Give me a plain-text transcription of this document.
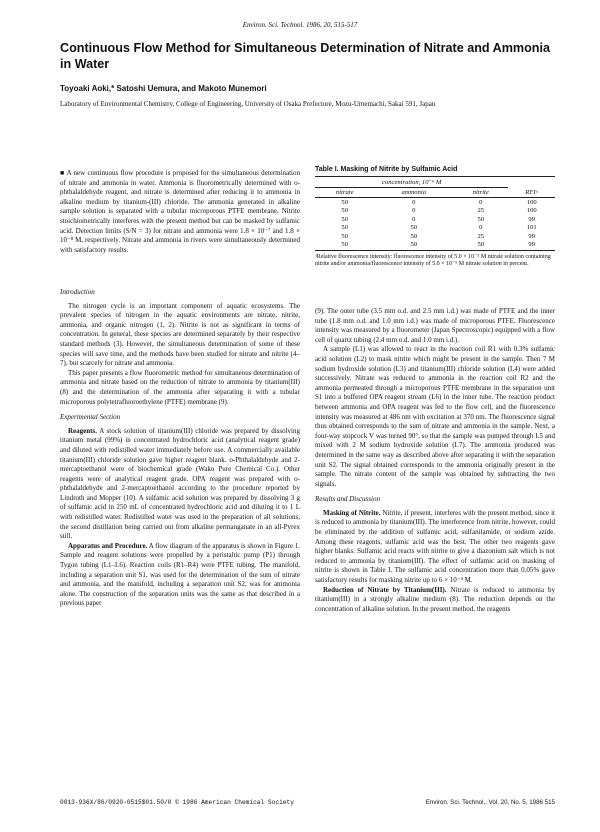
Environ. Sci. Technol. 1986, 20, 515-517
Continuous Flow Method for Simultaneous Determination of Nitrate and Ammonia in Water
Toyoaki Aoki,* Satoshi Uemura, and Makoto Munemori
Laboratory of Environmental Chemistry, College of Engineering, University of Osaka Prefecture, Mozu-Umemachi, Sakai 591, Japan

■ A new continuous flow procedure is proposed for the simultaneous determination of nitrate and ammonia in water. Ammonia is fluorometrically determined with o-phthalaldehyde reagent, and nitrate is determined after reducing it to ammonia in alkaline medium by titanium-(III) chloride. The ammonia generated in alkaline sample solution is separated with a tubular microporous PTFE membrane. Nitrite stoichiometrically interferes with the present method but can be masked by sulfamic acid. Detection limits (S/N = 3) for nitrate and ammonia were 1.8 × 10⁻⁷ and 1.8 × 10⁻⁸ M, respectively. Nitrate and ammonia in rivers were simultaneously determined with satisfactory results.

Introduction

The nitrogen cycle is an important component of aquatic ecosystems. The prevalent species of nitrogen in the aquatic environments are nitrate, nitrite, ammonia, and organic nitrogen (1, 2). Nitrite is not as significant in terms of concentration. In general, these species are determined separately by their respective standard methods (3). However, the simultaneous determination of some of these species will save time, and the methods have been studied for nitrate and nitrite (4–7), but scarcely for nitrate and ammonia.

This paper presents a flow fluorometric method for simultaneous determination of ammonia and nitrate based on the reduction of nitrate to ammonia by titanium(III) (8) and the determination of the ammonia after separating it with a tubular microporous polytetrafluoroethylene (PTFE) membrane (9).

Experimental Section

Reagents. A stock solution of titanium(III) chloride was prepared by dissolving titanium metal (99%) in concentrated hydrochloric acid (analytical reagent grade) and diluted with redistilled water immediately before use. A commercially available titanium(III) chloride solution gave higher reagent blank. o-Phthalaldehyde and 2-mercaptoethanol were of biochemical grade (Wako Pure Chemical Co.). Other reagents were of analytical reagent grade. OPA reagent was prepared with o-phthalaldehyde and 2-mercaptoethanol according to the procedure reported by Lindroth and Mopper (10). A sulfamic acid solution was prepared by dissolving 3 g of sulfamic acid in 250 mL of concentrated hydrochloric acid and diluting it to 1 L with redistilled water. Redistilled water was used in the preparation of all solutions, the second distillation being carried out from alkaline permanganate in an all-Pyrex still.

Apparatus and Procedure. A flow diagram of the apparatus is shown in Figure 1. Sample and reagent solutions were propelled by a peristaltic pump (P1) through Tygon tubing (L1–L6). Reaction coils (R1–R4) were PTFE tubing. The manifold, including a separation unit S1, was used for the determination of the sum of nitrate and ammonia, and the manifold, including a separation unit S2, was for ammonia alone. The construction of the separation units was the same as that described in a previous paper

Table I. Masking of Nitrite by Sulfamic Acid
concentration, 10⁻⁶ M			
nitrate	ammonia	nitrite	RFIᵃ
50	0	0	100
50	0	25	100
50	0	50	99
50	50	0	101
50	50	25	99
50	50	50	99
ᵃRelative fluorescence intensity: fluorescence intensity of 5.0 × 10⁻⁵ M nitrate solution containing nitrite and/or ammonia/fluorescence intensity of 5.0 × 10⁻⁵ M nitrate solution in percent.

(9). The outer tube (3.5 mm o.d. and 2.5 mm i.d.) was made of PTFE and the inner tube (1.8 mm o.d. and 1.0 mm i.d.) was made of microporous PTFE. Fluorescence intensity was measured by a fluorometer (Japan Spectroscopic) equipped with a flow cell of quartz tubing (2.4 mm o.d. and 1.0 mm i.d.).

A sample (L1) was allowed to react in the reaction coil R1 with 0.3% sulfamic acid solution (L2) to mask nitrite which might be present in the sample. Then 7 M sodium hydroxide solution (L3) and titanium(III) chloride solution (L4) were added successively. Nitrate was reduced to ammonia in the reaction coil R2 and the ammonia permeated through a microporous PTFE membrane in the separation unit S1 into a buffered OPA reagent stream (L6) in the inner tube. The reaction product between ammonia and OPA reagent was fed to the flow cell, and the fluorescence intensity was measured at 486 nm with excitation at 370 nm. The fluorescence signal thus obtained corresponds to the sum of nitrate and ammonia in the sample. Next, a four-way stopcock V was turned 90°, so that the sample was pumped through L5 and mixed with 2 M sodium hydroxide solution (L7). The ammonia produced was determined in the same way as described above after separating it with the separation unit S2. The signal obtained corresponds to the ammonia originally present in the sample. The nitrate content of the sample was obtained by subtracting the two signals.

Results and Discussion

Masking of Nitrite. Nitrite, if present, interferes with the present method, since it is reduced to ammonia by titanium(III). The interference from nitrite, however, could be eliminated by the addition of sulfamic acid, sulfanilamide, or sodium azide. Among these reagents, sulfamic acid was the best. The other two reagents gave higher blanks. Sulfamic acid reacts with nitrite to give a diazonium salt which is not reduced to ammonia by titanium(III). The effect of sulfamic acid on masking of nitrite is shown in Table I. The sulfamic acid concentration more than 0.05% gave satisfactory results for masking nitrite up to 6 × 10⁻⁴ M.

Reduction of Nitrate by Titanium(III). Nitrate is reduced to ammonia by titanium(III) in a strongly alkaline medium (8). The reduction depends on the concentration of alkaline solution. In the present method, the reagents

0013-936X/86/0920-0515$01.50/0 © 1986 American Chemical Society	Environ. Sci. Technol., Vol. 20, No. 5, 1986 515
